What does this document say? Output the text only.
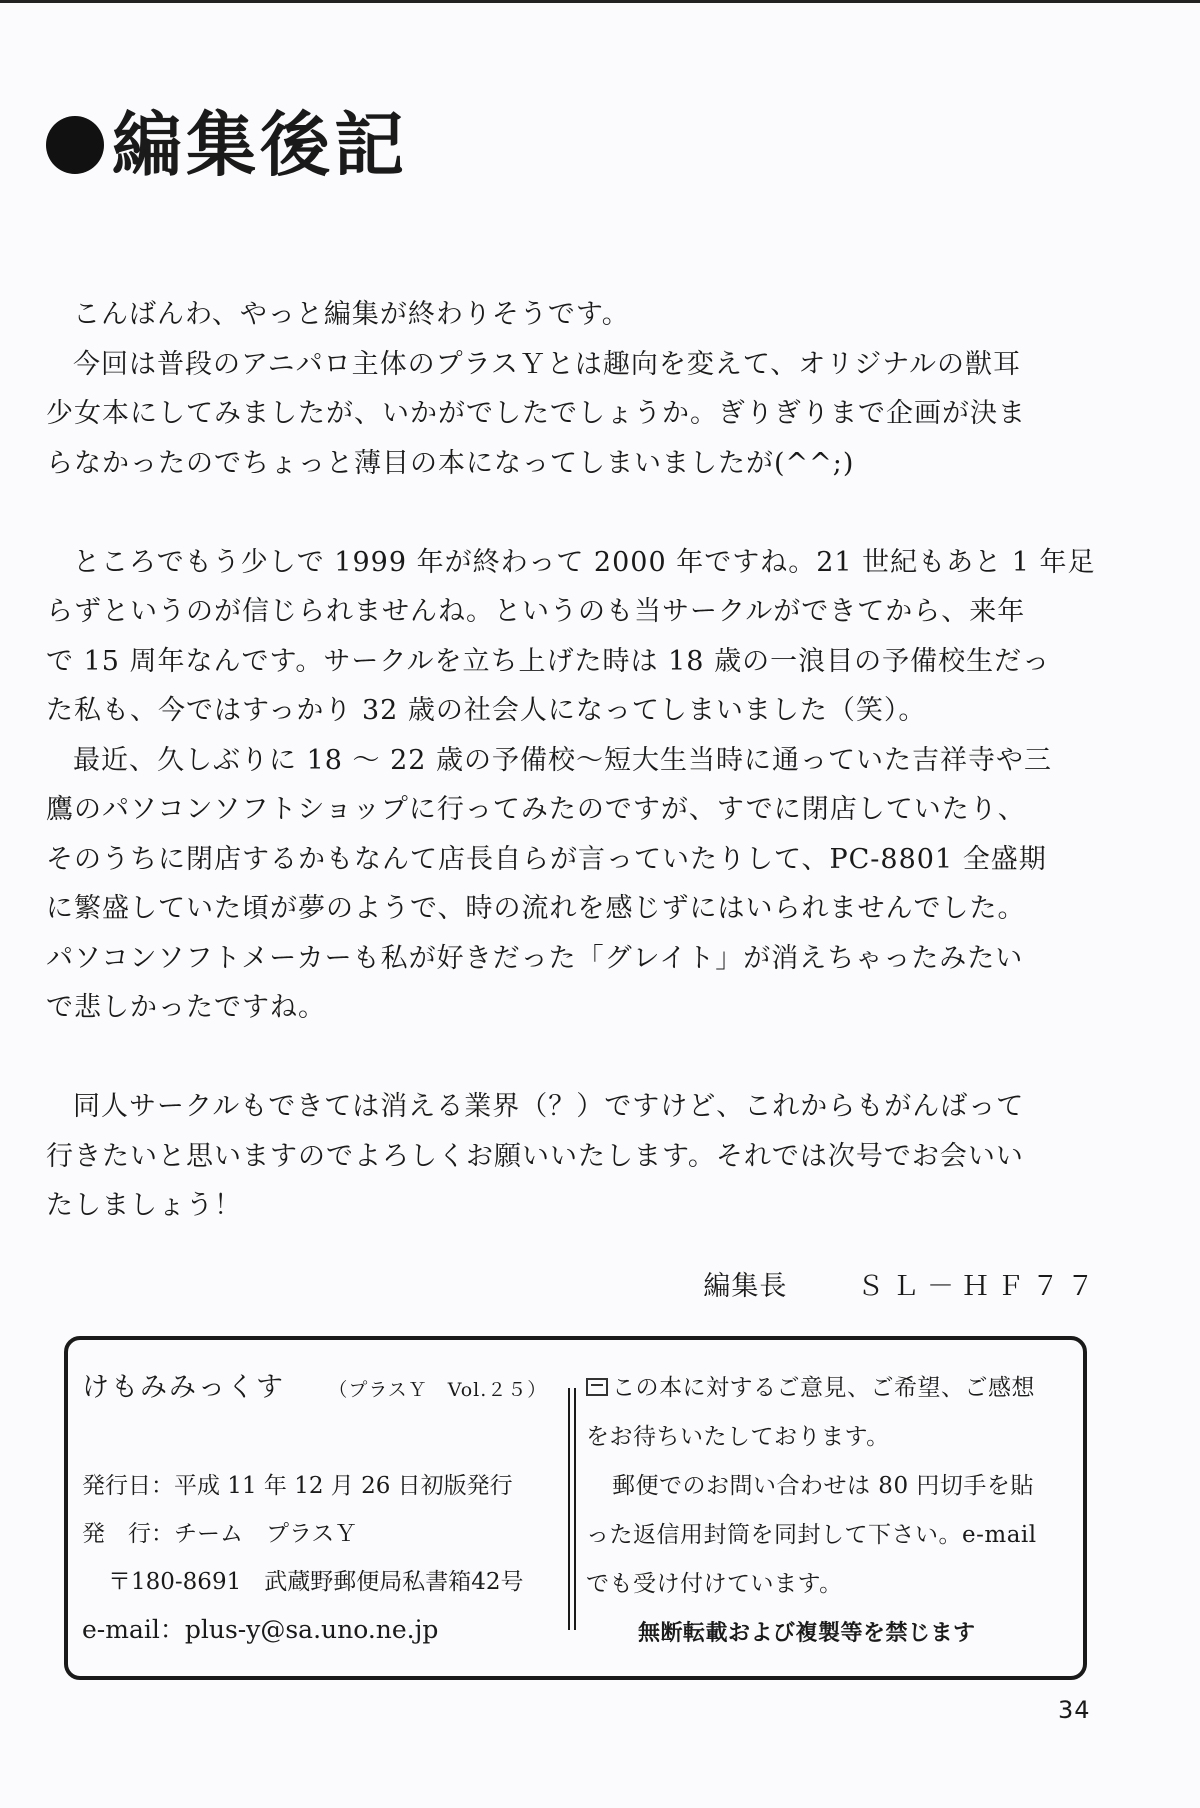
編集後記

こんばんわ、やっと編集が終わりそうです。

今回は普段のアニパロ主体のプラスＹとは趣向を変えて、オリジナルの獣耳

少女本にしてみましたが、いかがでしたでしょうか。ぎりぎりまで企画が決ま

らなかったのでちょっと薄目の本になってしまいましたが(^^;)

ところでもう少しで 1999 年が終わって 2000 年ですね。21 世紀もあと 1 年足

らずというのが信じられませんね。というのも当サークルができてから、来年

で 15 周年なんです。サークルを立ち上げた時は 18 歳の一浪目の予備校生だっ

た私も、今ではすっかり 32 歳の社会人になってしまいました（笑）。

最近、久しぶりに 18 ～ 22 歳の予備校～短大生当時に通っていた吉祥寺や三

鷹のパソコンソフトショップに行ってみたのですが、すでに閉店していたり、

そのうちに閉店するかもなんて店長自らが言っていたりして、PC-8801 全盛期

に繁盛していた頃が夢のようで、時の流れを感じずにはいられませんでした。

パソコンソフトメーカーも私が好きだった「グレイト」が消えちゃったみたい

で悲しかったですね。

同人サークルもできては消える業界（？）ですけど、これからもがんばって

行きたいと思いますのでよろしくお願いいたします。それでは次号でお会いい

たしましょう！

編集長	ＳＬ－ＨＦ７７
けもみみっくす （プラスＹ　Vol.２５）
発行日：平成 11 年 12 月 26 日初版発行
発　行：チーム　プラスＹ
〒180-8691　武蔵野郵便局私書箱42号
e-mail：plus-y@sa.uno.ne.jp
この本に対するご意見、ご希望、ご感想
をお待ちいたしております。
郵便でのお問い合わせは 80 円切手を貼
った返信用封筒を同封して下さい。e-mail
でも受け付けています。
無断転載および複製等を禁じます
34
